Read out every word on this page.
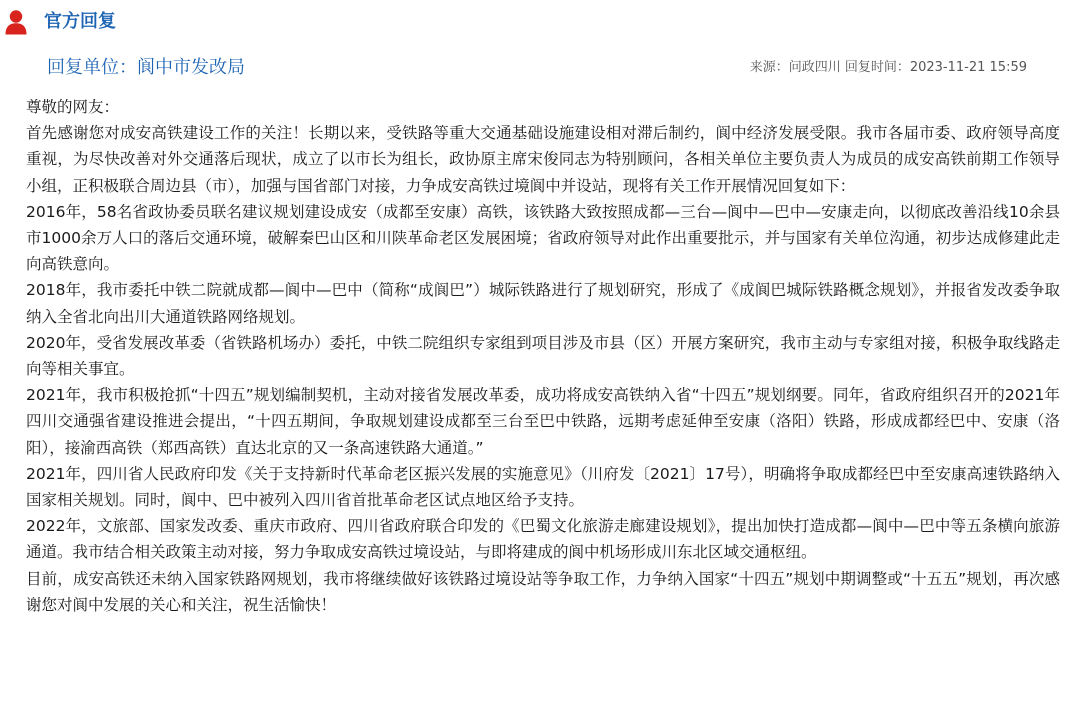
官方回复
回复单位：阆中市发改局	来源：问政四川 回复时间：2023-11-21 15:59

尊敬的网友：

首先感谢您对成安高铁建设工作的关注！长期以来，受铁路等重大交通基础设施建设相对滞后制约，阆中经济发展受限。我市各届市委、政府领导高度重视，为尽快改善对外交通落后现状，成立了以市长为组长，政协原主席宋俊同志为特别顾问，各相关单位主要负责人为成员的成安高铁前期工作领导小组，正积极联合周边县（市），加强与国省部门对接，力争成安高铁过境阆中并设站，现将有关工作开展情况回复如下：

2016年，58名省政协委员联名建议规划建设成安（成都至安康）高铁，该铁路大致按照成都—三台—阆中—巴中—安康走向，以彻底改善沿线10余县市1000余万人口的落后交通环境，破解秦巴山区和川陕革命老区发展困境；省政府领导对此作出重要批示，并与国家有关单位沟通，初步达成修建此走向高铁意向。

2018年，我市委托中铁二院就成都—阆中—巴中（简称“成阆巴”）城际铁路进行了规划研究，形成了《成阆巴城际铁路概念规划》，并报省发改委争取纳入全省北向出川大通道铁路网络规划。

2020年，受省发展改革委（省铁路机场办）委托，中铁二院组织专家组到项目涉及市县（区）开展方案研究，我市主动与专家组对接，积极争取线路走向等相关事宜。

2021年，我市积极抢抓“十四五”规划编制契机，主动对接省发展改革委，成功将成安高铁纳入省“十四五”规划纲要。同年，省政府组织召开的2021年四川交通强省建设推进会提出，“十四五期间，争取规划建设成都至三台至巴中铁路，远期考虑延伸至安康（洛阳）铁路，形成成都经巴中、安康（洛阳），接渝西高铁（郑西高铁）直达北京的又一条高速铁路大通道。”

2021年，四川省人民政府印发《关于支持新时代革命老区振兴发展的实施意见》（川府发〔2021〕17号），明确将争取成都经巴中至安康高速铁路纳入国家相关规划。同时，阆中、巴中被列入四川省首批革命老区试点地区给予支持。

2022年，文旅部、国家发改委、重庆市政府、四川省政府联合印发的《巴蜀文化旅游走廊建设规划》，提出加快打造成都—阆中—巴中等五条横向旅游通道。我市结合相关政策主动对接，努力争取成安高铁过境设站，与即将建成的阆中机场形成川东北区域交通枢纽。

目前，成安高铁还未纳入国家铁路网规划，我市将继续做好该铁路过境设站等争取工作，力争纳入国家“十四五”规划中期调整或“十五五”规划，再次感谢您对阆中发展的关心和关注，祝生活愉快！
